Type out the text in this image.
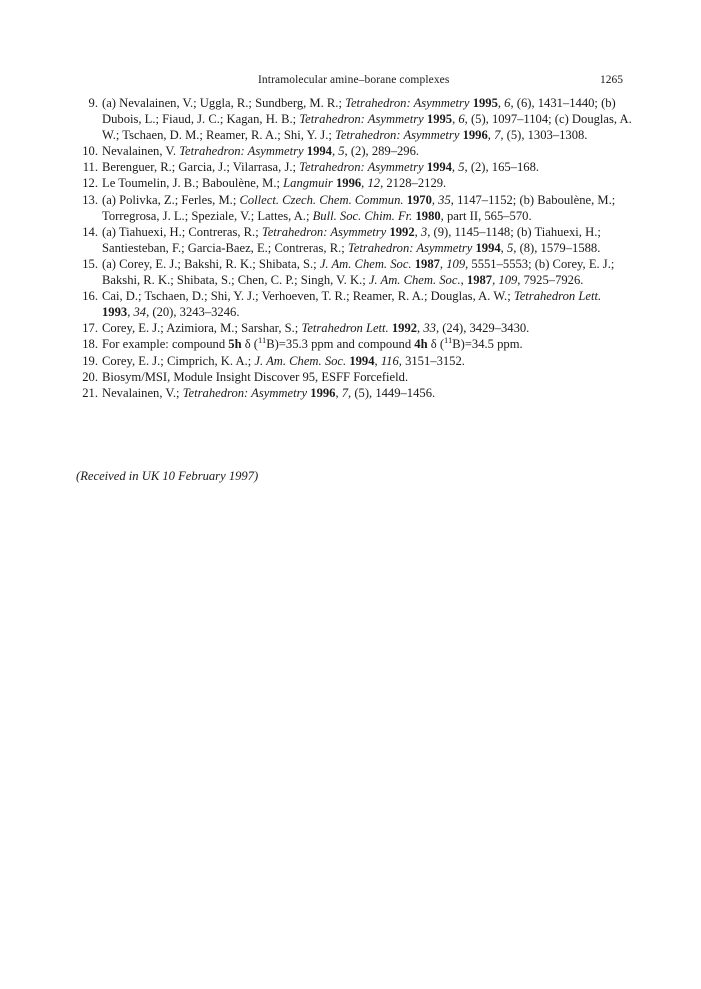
Intramolecular amine–borane complexes	1265
9. (a) Nevalainen, V.; Uggla, R.; Sundberg, M. R.; Tetrahedron: Asymmetry 1995, 6, (6), 1431–1440; (b) Dubois, L.; Fiaud, J. C.; Kagan, H. B.; Tetrahedron: Asymmetry 1995, 6, (5), 1097–1104; (c) Douglas, A. W.; Tschaen, D. M.; Reamer, R. A.; Shi, Y. J.; Tetrahedron: Asymmetry 1996, 7, (5), 1303–1308.
10. Nevalainen, V. Tetrahedron: Asymmetry 1994, 5, (2), 289–296.
11. Berenguer, R.; Garcia, J.; Vilarrasa, J.; Tetrahedron: Asymmetry 1994, 5, (2), 165–168.
12. Le Toumelin, J. B.; Baboulène, M.; Langmuir 1996, 12, 2128–2129.
13. (a) Polivka, Z.; Ferles, M.; Collect. Czech. Chem. Commun. 1970, 35, 1147–1152; (b) Baboulène, M.; Torregrosa, J. L.; Speziale, V.; Lattes, A.; Bull. Soc. Chim. Fr. 1980, part II, 565–570.
14. (a) Tiahuexi, H.; Contreras, R.; Tetrahedron: Asymmetry 1992, 3, (9), 1145–1148; (b) Tiahuexi, H.; Santiesteban, F.; Garcia-Baez, E.; Contreras, R.; Tetrahedron: Asymmetry 1994, 5, (8), 1579–1588.
15. (a) Corey, E. J.; Bakshi, R. K.; Shibata, S.; J. Am. Chem. Soc. 1987, 109, 5551–5553; (b) Corey, E. J.; Bakshi, R. K.; Shibata, S.; Chen, C. P.; Singh, V. K.; J. Am. Chem. Soc., 1987, 109, 7925–7926.
16. Cai, D.; Tschaen, D.; Shi, Y. J.; Verhoeven, T. R.; Reamer, R. A.; Douglas, A. W.; Tetrahedron Lett. 1993, 34, (20), 3243–3246.
17. Corey, E. J.; Azimiora, M.; Sarshar, S.; Tetrahedron Lett. 1992, 33, (24), 3429–3430.
18. For example: compound 5h δ ($^{11}$B)=35.3 ppm and compound 4h δ ($^{11}$B)=34.5 ppm.
19. Corey, E. J.; Cimprich, K. A.; J. Am. Chem. Soc. 1994, 116, 3151–3152.
20. Biosym/MSI, Module Insight Discover 95, ESFF Forcefield.
21. Nevalainen, V.; Tetrahedron: Asymmetry 1996, 7, (5), 1449–1456.
(Received in UK 10 February 1997)
